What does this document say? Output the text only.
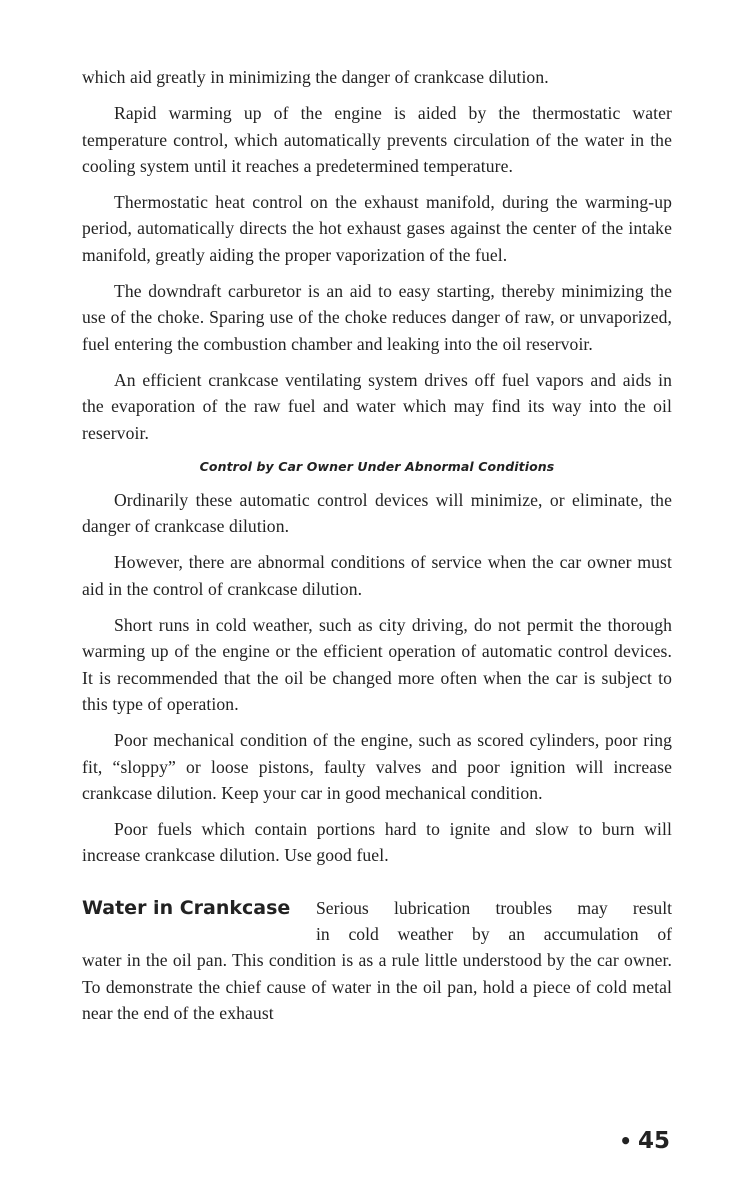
which aid greatly in minimizing the danger of crankcase dilution.

Rapid warming up of the engine is aided by the thermostatic water temperature control, which automatically prevents circulation of the water in the cooling system until it reaches a predetermined temperature.

Thermostatic heat control on the exhaust manifold, during the warming-up period, automatically directs the hot exhaust gases against the center of the intake manifold, greatly aiding the proper vaporization of the fuel.

The downdraft carburetor is an aid to easy starting, thereby minimizing the use of the choke. Sparing use of the choke reduces danger of raw, or unvaporized, fuel entering the combustion chamber and leaking into the oil reservoir.

An efficient crankcase ventilating system drives off fuel vapors and aids in the evaporation of the raw fuel and water which may find its way into the oil reservoir.

Control by Car Owner Under Abnormal Conditions

Ordinarily these automatic control devices will minimize, or eliminate, the danger of crankcase dilution.

However, there are abnormal conditions of service when the car owner must aid in the control of crankcase dilution.

Short runs in cold weather, such as city driving, do not permit the thorough warming up of the engine or the efficient operation of automatic control devices. It is recommended that the oil be changed more often when the car is subject to this type of operation.

Poor mechanical condition of the engine, such as scored cylinders, poor ring fit, “sloppy” or loose pistons, faulty valves and poor ignition will increase crankcase dilution. Keep your car in good mechanical condition.

Poor fuels which contain portions hard to ignite and slow to burn will increase crankcase dilution. Use good fuel.

Water in Crankcase	Serious lubrication troubles may result
in cold weather by an accumulation of

water in the oil pan. This condition is as a rule little understood by the car owner. To demonstrate the chief cause of water in the oil pan, hold a piece of cold metal near the end of the exhaust

• 45
